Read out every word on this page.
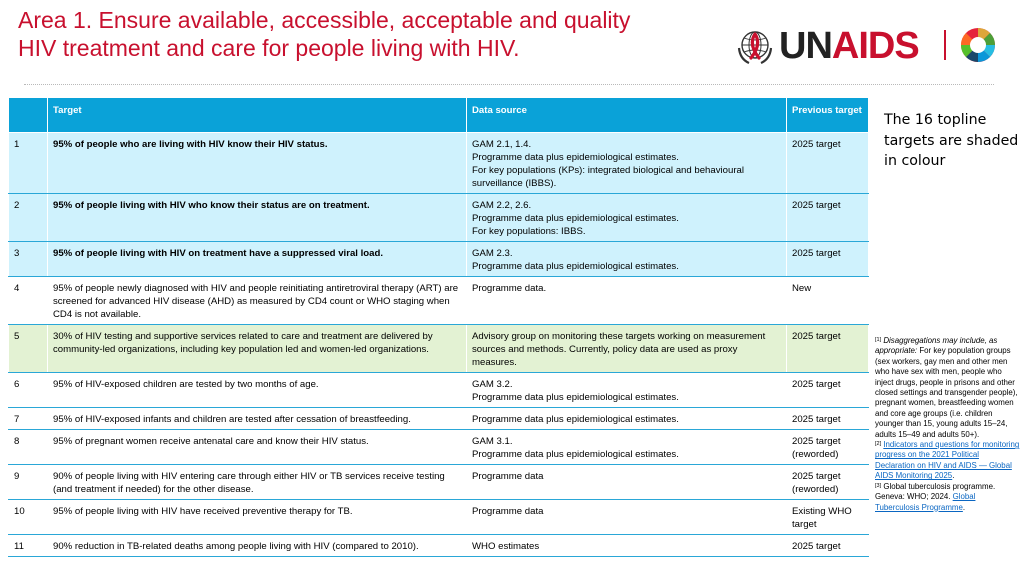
Area 1. Ensure available, accessible, acceptable and quality
HIV treatment and care for people living with HIV.	UNAIDS
	Target	Data source	Previous target
1	95% of people who are living with HIV know their HIV status.	GAM 2.1, 1.4.
Programme data plus epidemiological estimates.
For key populations (KPs): integrated biological and behavioural surveillance (IBBS).	2025 target
2	95% of people living with HIV who know their status are on treatment.	GAM 2.2, 2.6.
Programme data plus epidemiological estimates.
For key populations: IBBS.	2025 target
3	95% of people living with HIV on treatment have a suppressed viral load.	GAM 2.3.
Programme data plus epidemiological estimates.	2025 target
4	95% of people newly diagnosed with HIV and people reinitiating antiretroviral therapy (ART) are screened for advanced HIV disease (AHD) as measured by CD4 count or WHO staging when CD4 is not available.	Programme data.	New
5	30% of HIV testing and supportive services related to care and treatment are delivered by community-led organizations, including key population led and women-led organizations.	Advisory group on monitoring these targets working on measurement sources and methods. Currently, policy data are used as proxy measures.	2025 target
6	95% of HIV-exposed children are tested by two months of age.	GAM 3.2.
Programme data plus epidemiological estimates.	2025 target
7	95% of HIV-exposed infants and children are tested after cessation of breastfeeding.	Programme data plus epidemiological estimates.	2025 target
8	95% of pregnant women receive antenatal care and know their HIV status.	GAM 3.1.
Programme data plus epidemiological estimates.	2025 target (reworded)
9	90% of people living with HIV entering care through either HIV or TB services receive testing (and treatment if needed) for the other disease.	Programme data	2025 target (reworded)
10	95% of people living with HIV have received preventive therapy for TB.	Programme data	Existing WHO target
11	90% reduction in TB-related deaths among people living with HIV (compared to 2010).	WHO estimates	2025 target
The 16 topline targets are shaded in colour

[1] Disaggregations may include, as appropriate: For key population groups (sex workers, gay men and other men who have sex with men, people who inject drugs, people in prisons and other closed settings and transgender people), pregnant women, breastfeeding women and core age groups (i.e. children younger than 15, young adults 15–24, adults 15–49 and adults 50+).

[2] Indicators and questions for monitoring progress on the 2021 Political Declaration on HIV and AIDS — Global AIDS Monitoring 2025.

[3] Global tuberculosis programme. Geneva: WHO; 2024. Global Tuberculosis Programme.
